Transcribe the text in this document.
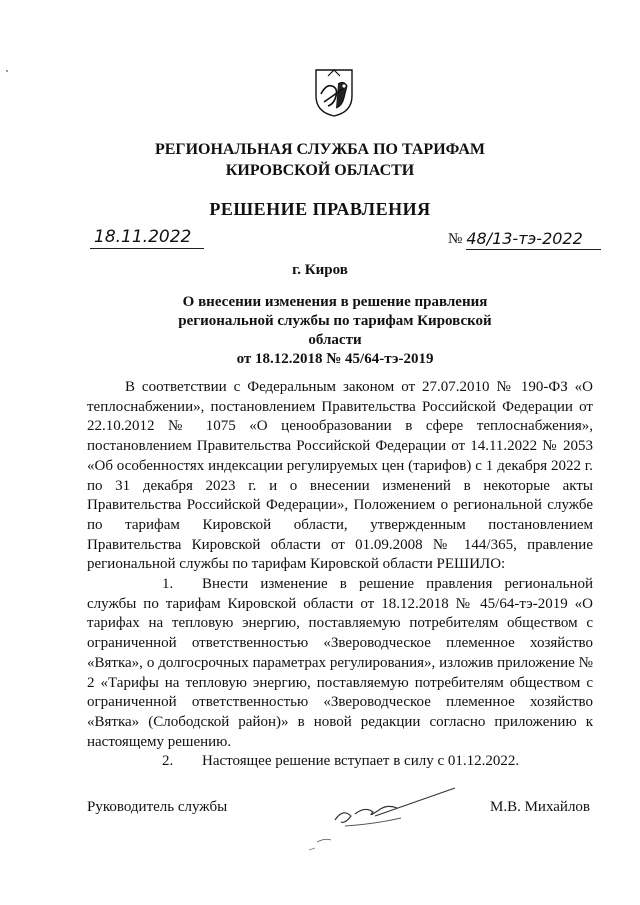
РЕГИОНАЛЬНАЯ СЛУЖБА ПО ТАРИФАМ
КИРОВСКОЙ ОБЛАСТИ
РЕШЕНИЕ ПРАВЛЕНИЯ
18.11.2022	№ 48/13-тэ-2022
г. Киров
О внесении изменения в решение правления
региональной службы по тарифам Кировской области
от 18.12.2018 № 45/64-тэ-2019

В соответствии с Федеральным законом от 27.07.2010 № 190-ФЗ «О теплоснабжении», постановлением Правительства Российской Федерации от 22.10.2012 № 1075 «О ценообразовании в сфере теплоснабжения», постановлением Правительства Российской Федерации от 14.11.2022 № 2053 «Об особенностях индексации регулируемых цен (тарифов) с 1 декабря 2022 г. по 31 декабря 2023 г. и о внесении изменений в некоторые акты Правительства Российской Федерации», Положением о региональной службе по тарифам Кировской области, утвержденным постановлением Правительства Кировской области от 01.09.2008 № 144/365, правление региональной службы по тарифам Кировской области РЕШИЛО:

1. Внести изменение в решение правления региональной службы по тарифам Кировской области от 18.12.2018 № 45/64-тэ-2019 «О тарифах на тепловую энергию, поставляемую потребителям обществом с ограниченной ответственностью «Звероводческое племенное хозяйство «Вятка», о долгосрочных параметрах регулирования», изложив приложение № 2 «Тарифы на тепловую энергию, поставляемую потребителям обществом с ограниченной ответственностью «Звероводческое племенное хозяйство «Вятка» (Слободской район)» в новой редакции согласно приложению к настоящему решению.

2. Настоящее решение вступает в силу с 01.12.2022.

Руководитель службы	М.В. Михайлов
